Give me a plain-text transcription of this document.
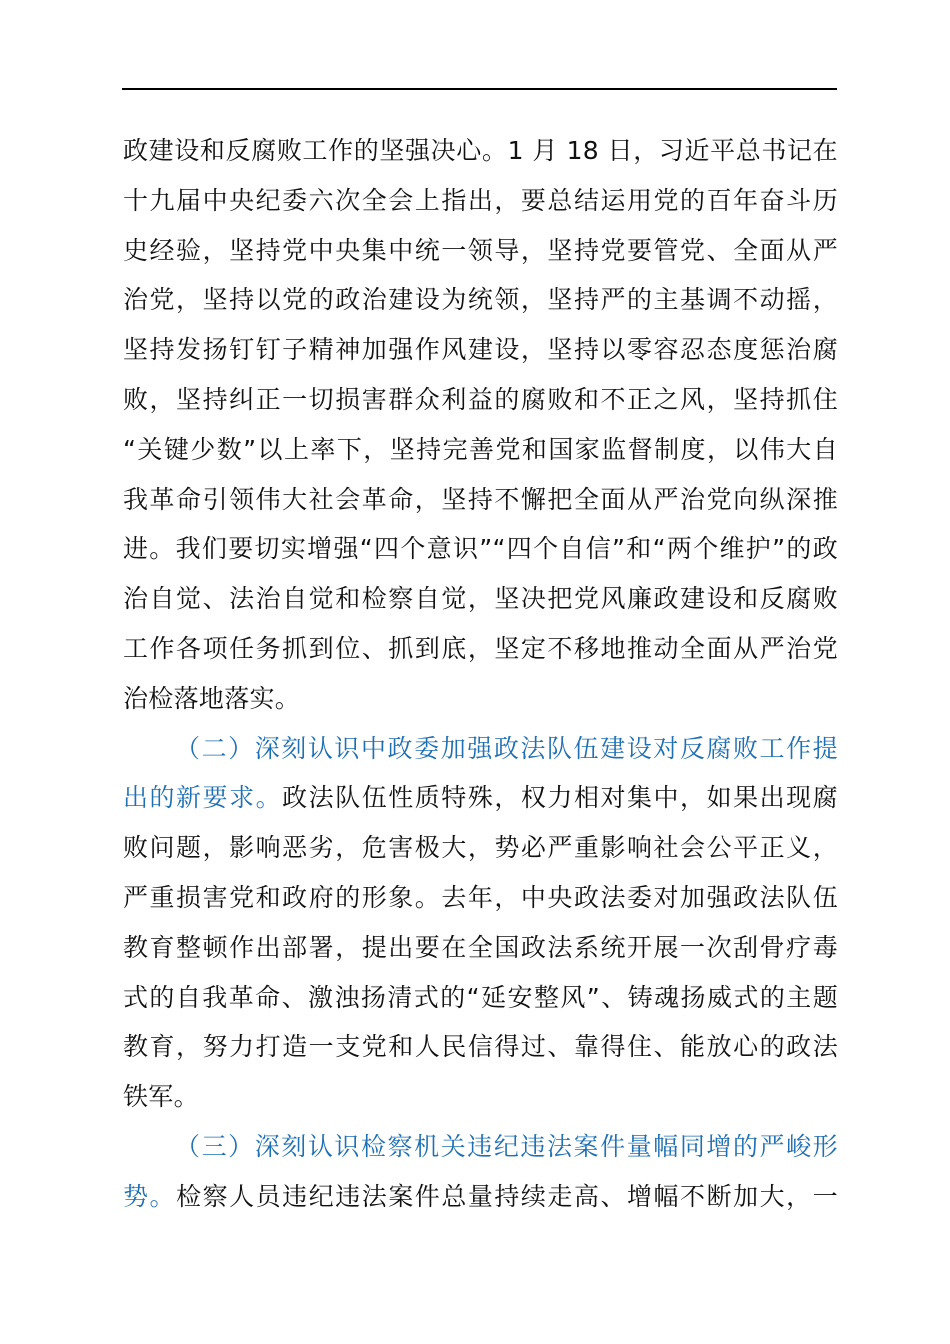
政建设和反腐败工作的坚强决心。1 月 18 日，习近平总书记在
十九届中央纪委六次全会上指出，要总结运用党的百年奋斗历
史经验，坚持党中央集中统一领导，坚持党要管党、全面从严
治党，坚持以党的政治建设为统领，坚持严的主基调不动摇，
坚持发扬钉钉子精神加强作风建设，坚持以零容忍态度惩治腐
败，坚持纠正一切损害群众利益的腐败和不正之风，坚持抓住
“关键少数”以上率下，坚持完善党和国家监督制度，以伟大自
我革命引领伟大社会革命，坚持不懈把全面从严治党向纵深推
进。我们要切实增强“四个意识”“四个自信”和“两个维护”的政
治自觉、法治自觉和检察自觉，坚决把党风廉政建设和反腐败
工作各项任务抓到位、抓到底，坚定不移地推动全面从严治党
治检落地落实。
（二）深刻认识中政委加强政法队伍建设对反腐败工作提
出的新要求。政法队伍性质特殊，权力相对集中，如果出现腐
败问题，影响恶劣，危害极大，势必严重影响社会公平正义，
严重损害党和政府的形象。去年，中央政法委对加强政法队伍
教育整顿作出部署，提出要在全国政法系统开展一次刮骨疗毒
式的自我革命、激浊扬清式的“延安整风”、铸魂扬威式的主题
教育，努力打造一支党和人民信得过、靠得住、能放心的政法
铁军。
（三）深刻认识检察机关违纪违法案件量幅同增的严峻形
势。检察人员违纪违法案件总量持续走高、增幅不断加大，一
